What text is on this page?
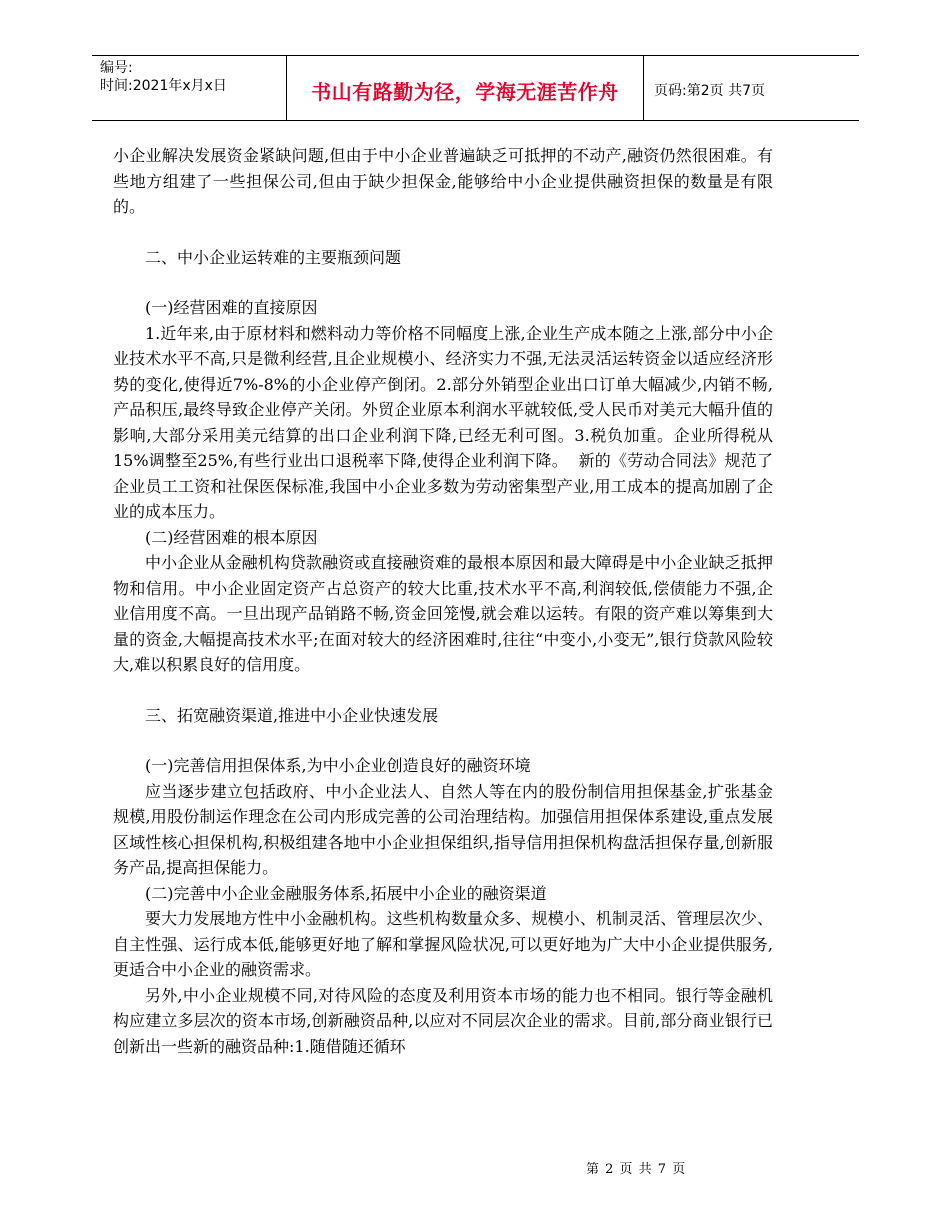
编号:
时间:2021年x月x日	书山有路勤为径，学海无涯苦作舟	页码:第2页 共7页

小企业解决发展资金紧缺问题,但由于中小企业普遍缺乏可抵押的不动产,融资仍然很困难。有些地方组建了一些担保公司,但由于缺少担保金,能够给中小企业提供融资担保的数量是有限的。

二、中小企业运转难的主要瓶颈问题

(一)经营困难的直接原因

1.近年来,由于原材料和燃料动力等价格不同幅度上涨,企业生产成本随之上涨,部分中小企业技术水平不高,只是微利经营,且企业规模小、经济实力不强,无法灵活运转资金以适应经济形势的变化,使得近7%-8%的小企业停产倒闭。2.部分外销型企业出口订单大幅减少,内销不畅,产品积压,最终导致企业停产关闭。外贸企业原本利润水平就较低,受人民币对美元大幅升值的影响,大部分采用美元结算的出口企业利润下降,已经无利可图。3.税负加重。企业所得税从15%调整至25%,有些行业出口退税率下降,使得企业利润下降。  新的《劳动合同法》规范了企业员工工资和社保医保标准,我国中小企业多数为劳动密集型产业,用工成本的提高加剧了企业的成本压力。

(二)经营困难的根本原因

中小企业从金融机构贷款融资或直接融资难的最根本原因和最大障碍是中小企业缺乏抵押物和信用。中小企业固定资产占总资产的较大比重,技术水平不高,利润较低,偿债能力不强,企业信用度不高。一旦出现产品销路不畅,资金回笼慢,就会难以运转。有限的资产难以筹集到大量的资金,大幅提高技术水平;在面对较大的经济困难时,往往“中变小,小变无”,银行贷款风险较大,难以积累良好的信用度。

三、拓宽融资渠道,推进中小企业快速发展

(一)完善信用担保体系,为中小企业创造良好的融资环境

应当逐步建立包括政府、中小企业法人、自然人等在内的股份制信用担保基金,扩张基金规模,用股份制运作理念在公司内形成完善的公司治理结构。加强信用担保体系建设,重点发展区域性核心担保机构,积极组建各地中小企业担保组织,指导信用担保机构盘活担保存量,创新服务产品,提高担保能力。

(二)完善中小企业金融服务体系,拓展中小企业的融资渠道

要大力发展地方性中小金融机构。这些机构数量众多、规模小、机制灵活、管理层次少、自主性强、运行成本低,能够更好地了解和掌握风险状况,可以更好地为广大中小企业提供服务,更适合中小企业的融资需求。

另外,中小企业规模不同,对待风险的态度及利用资本市场的能力也不相同。银行等金融机构应建立多层次的资本市场,创新融资品种,以应对不同层次企业的需求。目前,部分商业银行已创新出一些新的融资品种:1.随借随还循环

第 2 页 共 7 页
